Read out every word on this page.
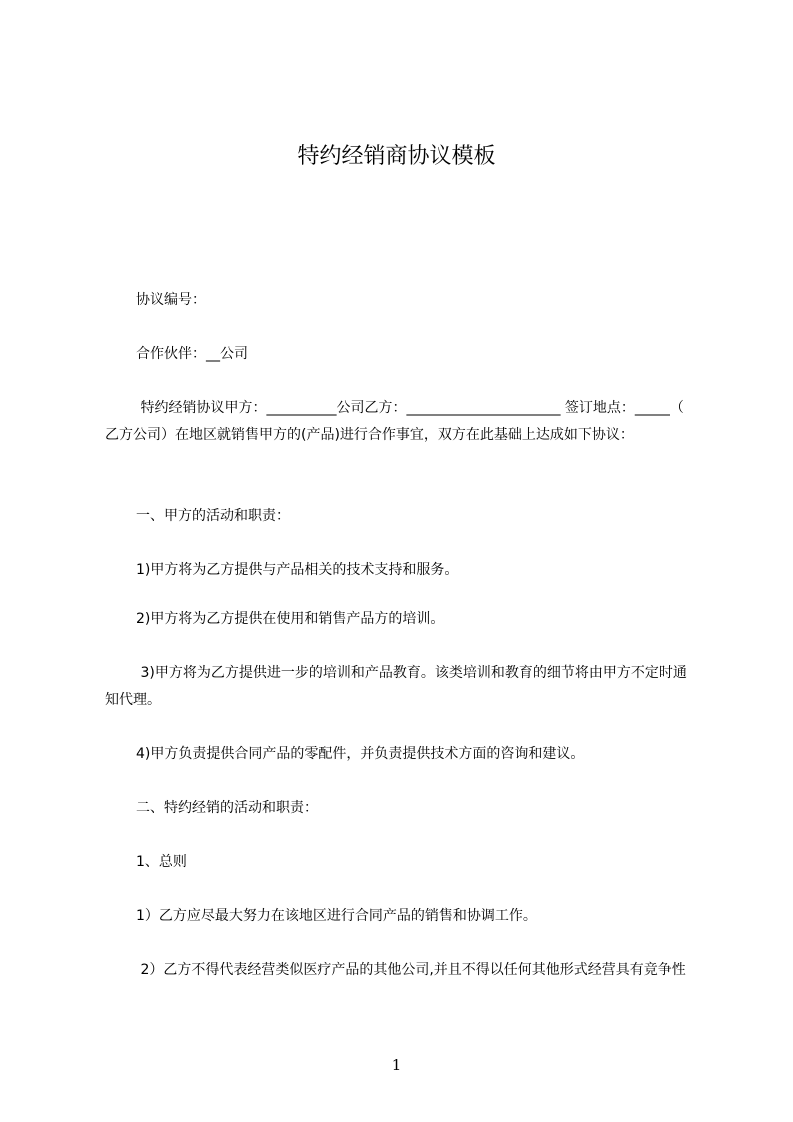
特约经销商协议模板
协议编号：
合作伙伴：__公司
特约经销协议甲方：__________公司乙方：______________________ 签订地点：_____（  乙方公司）在地区就销售甲方的(产品)进行合作事宜，双方在此基础上达成如下协议：
一、甲方的活动和职责：
1)甲方将为乙方提供与产品相关的技术支持和服务。
2)甲方将为乙方提供在使用和销售产品方的培训。
3)甲方将为乙方提供进一步的培训和产品教育。该类培训和教育的细节将由甲方不定时通知代理。
4)甲方负责提供合同产品的零配件，并负责提供技术方面的咨询和建议。
二、特约经销的活动和职责：
1、总则
1）乙方应尽最大努力在该地区进行合同产品的销售和协调工作。
2）乙方不得代表经营类似医疗产品的其他公司,并且不得以任何其他形式经营具有竞争性
1
